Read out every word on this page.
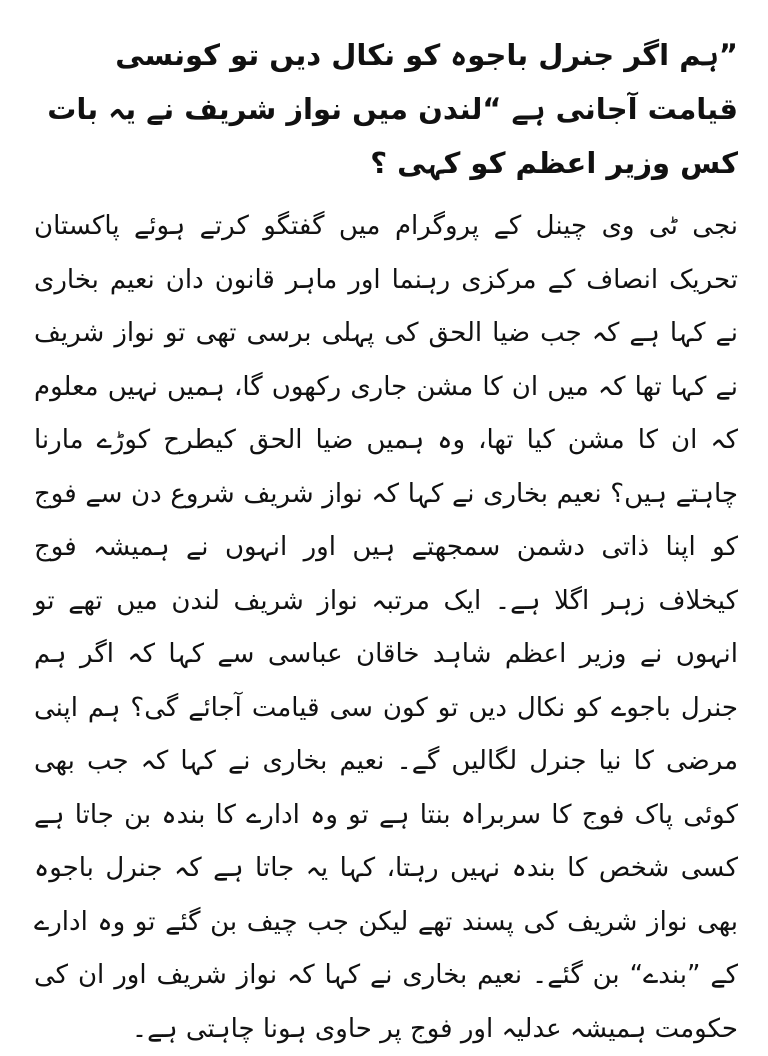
”ہم اگر جنرل باجوہ کو نکال دیں تو کونسی قیامت آجانی ہے “لندن میں نواز شریف نے یہ بات کس وزیر اعظم کو کہی ؟

نجی ٹی وی چینل کے پروگرام میں گفتگو کرتے ہوئے پاکستان تحریک انصاف کے مرکزی رہنما اور ماہر قانون دان نعیم بخاری نے کہا ہے کہ جب ضیا الحق کی پہلی برسی تھی تو نواز شریف نے کہا تھا کہ میں ان کا مشن جاری رکھوں گا، ہمیں نہیں معلوم کہ ان کا مشن کیا تھا، وہ ہمیں ضیا الحق کیطرح کوڑے مارنا چاہتے ہیں؟ نعیم بخاری نے کہا کہ نواز شریف شروع دن سے فوج کو اپنا ذاتی دشمن سمجھتے ہیں اور انہوں نے ہمیشہ فوج کیخلاف زہر اگلا ہے۔ ایک مرتبہ نواز شریف لندن میں تھے تو انہوں نے وزیر اعظم شاہد خاقان عباسی سے کہا کہ اگر ہم جنرل باجوے کو نکال دیں تو کون سی قیامت آجائے گی؟ ہم اپنی مرضی کا نیا جنرل لگالیں گے۔ نعیم بخاری نے کہا کہ جب بھی کوئی پاک فوج کا سربراہ بنتا ہے تو وہ ادارے کا بندہ بن جاتا ہے کسی شخص کا بندہ نہیں رہتا، کہا یہ جاتا ہے کہ جنرل باجوہ بھی نواز شریف کی پسند تھے لیکن جب چیف بن گئے تو وہ ادارے کے ”بندے“ بن گئے۔ نعیم بخاری نے کہا کہ نواز شریف اور ان کی حکومت ہمیشہ عدلیہ اور فوج پر حاوی ہونا چاہتی ہے۔
